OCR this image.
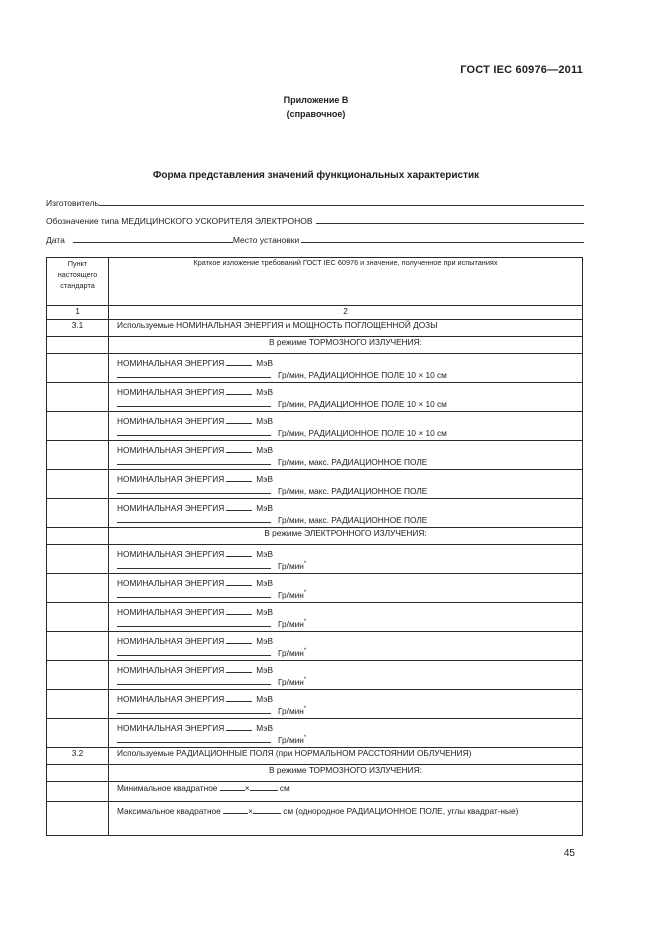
ГОСТ IEC 60976—2011
Приложение В
(справочное)
Форма представления значений функциональных характеристик
Изготовитель
Обозначение типа МЕДИЦИНСКОГО УСКОРИТЕЛЯ ЭЛЕКТРОНОВ
Дата	Место установки
Пункт настоящего стандарта	Краткое изложение требований ГОСТ IEC 60976 и значение, полученное при испытаниях
1	2
3.1	Используемые НОМИНАЛЬНАЯ ЭНЕРГИЯ и МОЩНОСТЬ ПОГЛОЩЕННОЙ ДОЗЫ
	В режиме ТОРМОЗНОГО ИЗЛУЧЕНИЯ:

	НОМИНАЛЬНАЯ ЭНЕРГИЯ МэВ
Гр/мин, РАДИАЦИОННОЕ ПОЛЕ 10 × 10 см

	НОМИНАЛЬНАЯ ЭНЕРГИЯ МэВ
Гр/мин, РАДИАЦИОННОЕ ПОЛЕ 10 × 10 см

	НОМИНАЛЬНАЯ ЭНЕРГИЯ МэВ
Гр/мин, РАДИАЦИОННОЕ ПОЛЕ 10 × 10 см

	НОМИНАЛЬНАЯ ЭНЕРГИЯ МэВ
Гр/мин, макс. РАДИАЦИОННОЕ ПОЛЕ

	НОМИНАЛЬНАЯ ЭНЕРГИЯ МэВ
Гр/мин, макс. РАДИАЦИОННОЕ ПОЛЕ

	НОМИНАЛЬНАЯ ЭНЕРГИЯ МэВ
Гр/мин, макс. РАДИАЦИОННОЕ ПОЛЕ

	В режиме ЭЛЕКТРОННОГО ИЗЛУЧЕНИЯ:

	НОМИНАЛЬНАЯ ЭНЕРГИЯ МэВ
Гр/мин*

	НОМИНАЛЬНАЯ ЭНЕРГИЯ МэВ
Гр/мин*

	НОМИНАЛЬНАЯ ЭНЕРГИЯ МэВ
Гр/мин*

	НОМИНАЛЬНАЯ ЭНЕРГИЯ МэВ
Гр/мин*

	НОМИНАЛЬНАЯ ЭНЕРГИЯ МэВ
Гр/мин*

	НОМИНАЛЬНАЯ ЭНЕРГИЯ МэВ
Гр/мин*

	НОМИНАЛЬНАЯ ЭНЕРГИЯ МэВ
Гр/мин*

3.2	Используемые РАДИАЦИОННЫЕ ПОЛЯ (при НОРМАЛЬНОМ РАССТОЯНИИ ОБЛУЧЕНИЯ)
	В режиме ТОРМОЗНОГО ИЗЛУЧЕНИЯ:
	Минимальное квадратное × см
	Максимальное квадратное × см (однородное РАДИАЦИОННОЕ ПОЛЕ, углы квадрат-ные)
45
